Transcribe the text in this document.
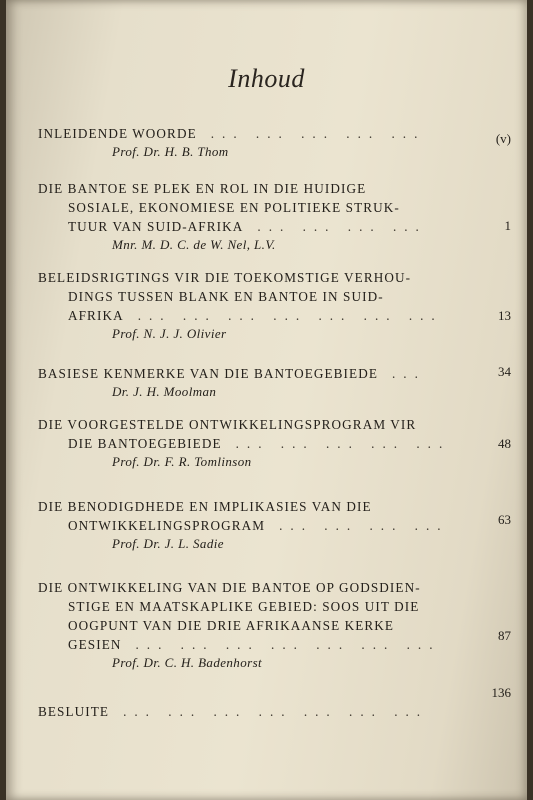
Inhoud
INLEIDENDE WOORDE ... ... ... ... ...
Prof. Dr. H. B. Thom
(v)
DIE BANTOE SE PLEK EN ROL IN DIE HUIDIGE
SOSIALE, EKONOMIESE EN POLITIEKE STRUK-
TUUR VAN SUID-AFRIKA ... ... ... ...
Mnr. M. D. C. de W. Nel, L.V.
1
BELEIDSRIGTINGS VIR DIE TOEKOMSTIGE VERHOU-
DINGS TUSSEN BLANK EN BANTOE IN SUID-
AFRIKA ... ... ... ... ... ... ...
Prof. N. J. J. Olivier
13
BASIESE KENMERKE VAN DIE BANTOEGEBIEDE ...
Dr. J. H. Moolman
34
DIE VOORGESTELDE ONTWIKKELINGSPROGRAM VIR
DIE BANTOEGEBIEDE ... ... ... ... ...
Prof. Dr. F. R. Tomlinson
48
DIE BENODIGDHEDE EN IMPLIKASIES VAN DIE
ONTWIKKELINGSPROGRAM ... ... ... ...
Prof. Dr. J. L. Sadie
63
DIE ONTWIKKELING VAN DIE BANTOE OP GODSDIEN-
STIGE EN MAATSKAPLIKE GEBIED: SOOS UIT DIE
OOGPUNT VAN DIE DRIE AFRIKAANSE KERKE
GESIEN ... ... ... ... ... ... ...
Prof. Dr. C. H. Badenhorst
87
BESLUITE ... ... ... ... ... ... ...
136
